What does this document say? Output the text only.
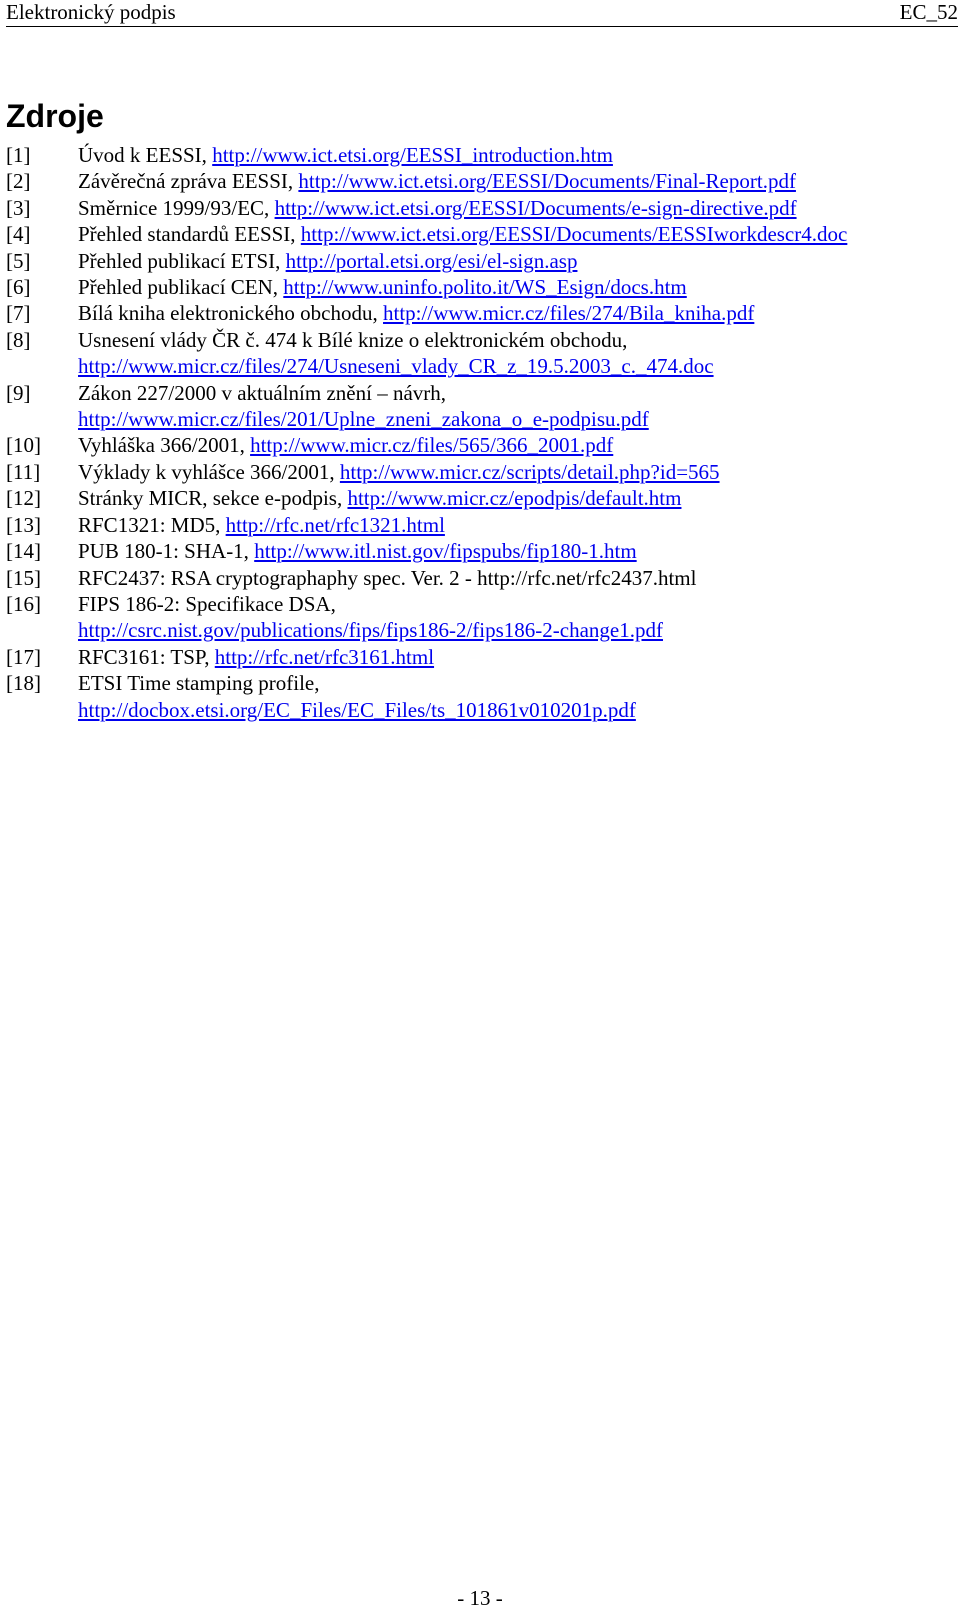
Elektronický podpis	EC_52
Zdroje
[1]	Úvod k EESSI, http://www.ict.etsi.org/EESSI_introduction.htm
[2]	Závěrečná zpráva EESSI, http://www.ict.etsi.org/EESSI/Documents/Final-Report.pdf
[3]	Směrnice 1999/93/EC, http://www.ict.etsi.org/EESSI/Documents/e-sign-directive.pdf
[4]	Přehled standardů EESSI, http://www.ict.etsi.org/EESSI/Documents/EESSIworkdescr4.doc
[5]	Přehled publikací ETSI, http://portal.etsi.org/esi/el-sign.asp
[6]	Přehled publikací CEN, http://www.uninfo.polito.it/WS_Esign/docs.htm
[7]	Bílá kniha elektronického obchodu, http://www.micr.cz/files/274/Bila_kniha.pdf
[8]	Usnesení vlády ČR č. 474 k Bílé knize o elektronickém obchodu,
http://www.micr.cz/files/274/Usneseni_vlady_CR_z_19.5.2003_c._474.doc
[9]	Zákon 227/2000 v aktuálním znění – návrh,
http://www.micr.cz/files/201/Uplne_zneni_zakona_o_e-podpisu.pdf
[10]	Vyhláška 366/2001, http://www.micr.cz/files/565/366_2001.pdf
[11]	Výklady k vyhlášce 366/2001, http://www.micr.cz/scripts/detail.php?id=565
[12]	Stránky MICR, sekce e-podpis, http://www.micr.cz/epodpis/default.htm
[13]	RFC1321: MD5, http://rfc.net/rfc1321.html
[14]	PUB 180-1: SHA-1, http://www.itl.nist.gov/fipspubs/fip180-1.htm
[15]	RFC2437: RSA cryptographaphy spec. Ver. 2 - http://rfc.net/rfc2437.html
[16]	FIPS 186-2: Specifikace DSA,
http://csrc.nist.gov/publications/fips/fips186-2/fips186-2-change1.pdf
[17]	RFC3161: TSP, http://rfc.net/rfc3161.html
[18]	ETSI Time stamping profile,
http://docbox.etsi.org/EC_Files/EC_Files/ts_101861v010201p.pdf
- 13 -
